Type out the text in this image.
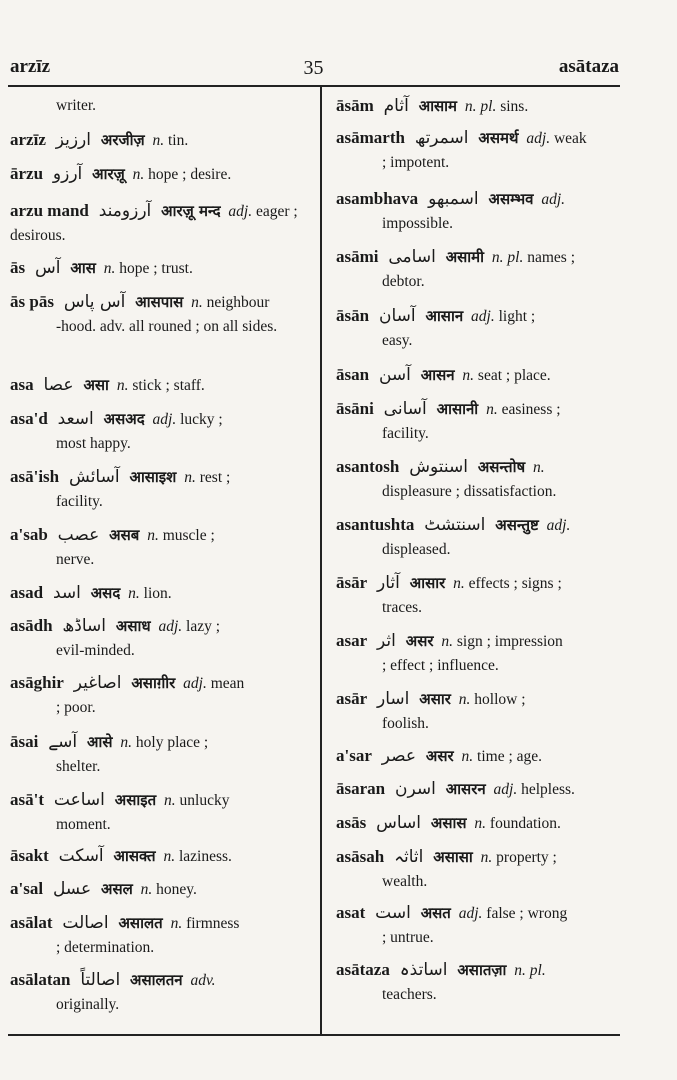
arzīz	35	asātaza
writer.
arzīz ارزیز अरजीज़ n. tin.
ārzu آرزو आरज़ू n. hope ; desire.
arzu mand آرزومند आरज़ू मन्द adj. eager ; desirous.
ās آس आस n. hope ; trust.
ās pās آس پاس आसपास n. neighbour
-hood. adv. all rouned ; on all sides.
asa عصا असा n. stick ; staff.
asa'd اسعد असअद adj. lucky ;
most happy.
asā'ish آسائش आसाइश n. rest ;
facility.
a'sab عصب असब n. muscle ;
nerve.
asad اسد असद n. lion.
asādh اساڈھ असाध adj. lazy ;
evil-minded.
asāghir اصاغیر असाग़ीर adj. mean
; poor.
āsai آسے आसे n. holy place ;
shelter.
asā't اساعت असाइत n. unlucky
moment.
āsakt آسکت आसक्त n. laziness.
a'sal عسل असल n. honey.
asālat اصالت असालत n. firmness
; determination.
asālatan اصالتاً असालतन adv.
originally.
āsām آثام आसाम n. pl. sins.
asāmarth اسمرتھ असमर्थ adj. weak
; impotent.
asambhava اسمبھو असम्भव adj.
impossible.
asāmi اسامی असामी n. pl. names ;
debtor.
āsān آسان आसान adj. light ;
easy.
āsan آسن आसन n. seat ; place.
āsāni آسانی आसानी n. easiness ;
facility.
asantosh اسنتوش असन्तोष n.
displeasure ; dissatisfaction.
asantushta اسنتشٹ असन्तुष्ट adj.
displeased.
āsār آثار आसार n. effects ; signs ;
traces.
asar اثر असर n. sign ; impression
; effect ; influence.
asār اسار असार n. hollow ;
foolish.
a'sar عصر असर n. time ; age.
āsaran اسرن आसरन adj. helpless.
asās اساس असास n. foundation.
asāsah اثاثہ असासा n. property ;
wealth.
asat است असत adj. false ; wrong
; untrue.
asātaza اساتذہ असातज़ा n. pl.
teachers.
